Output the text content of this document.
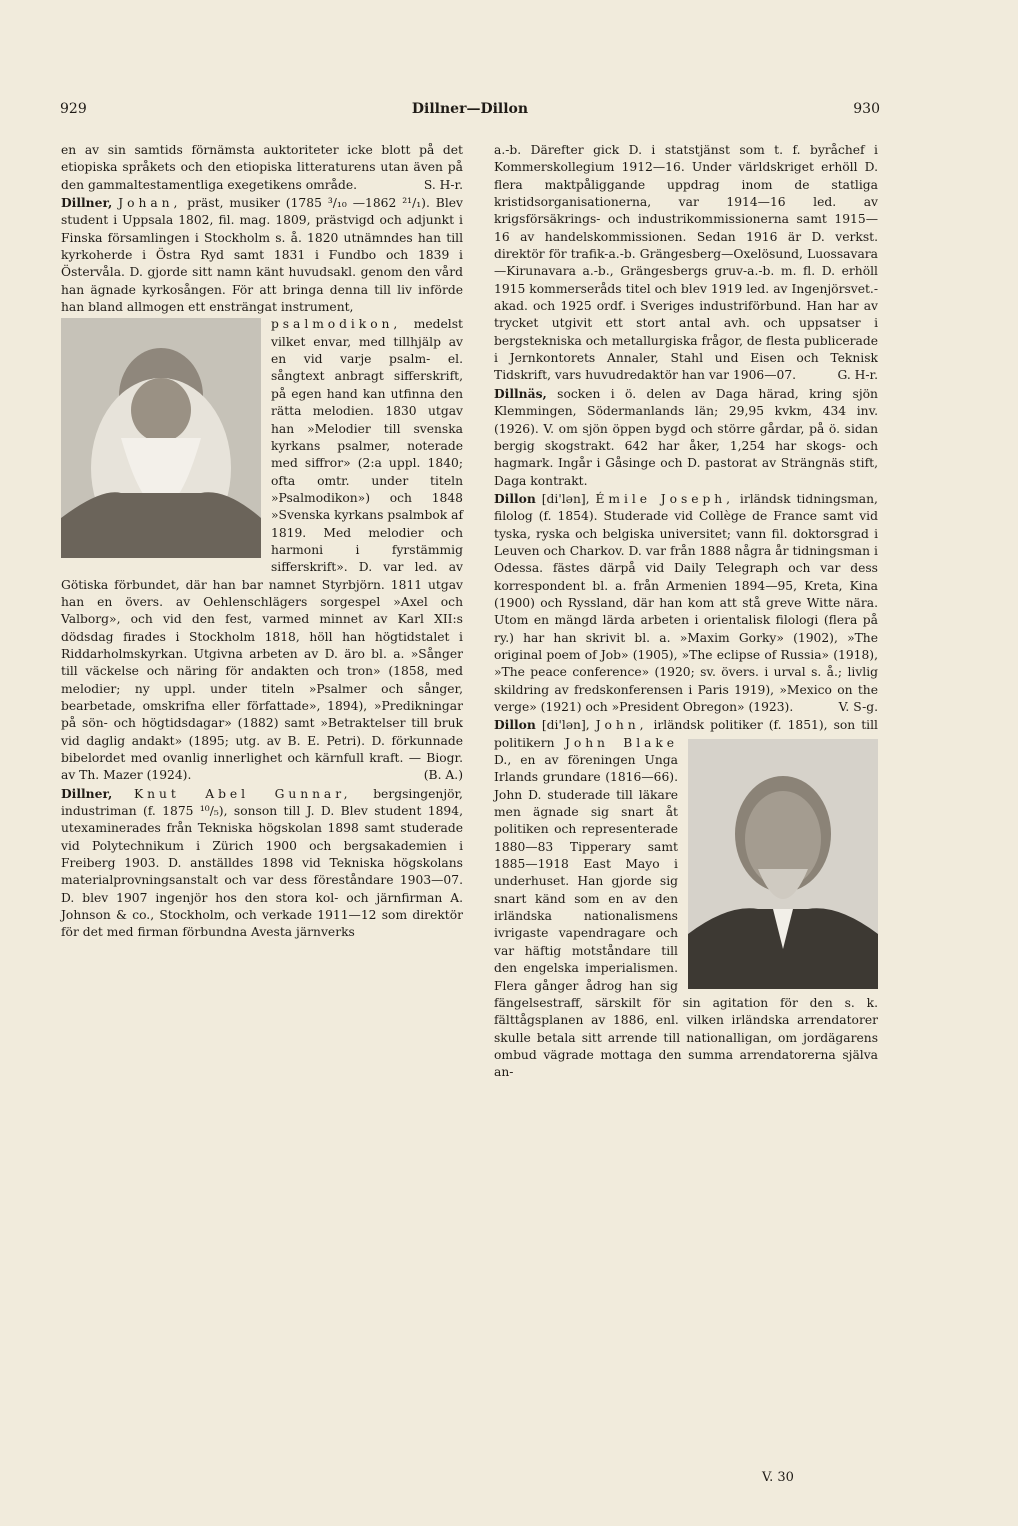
929	Dillner—Dillon	930

en av sin samtids förnämsta auktoriteter icke blott på det etiopiska språkets och den etiopiska litteraturens utan även på den gammaltestamentliga exegetikens område.	S. H-r.

Dillner, Johan, präst, musiker (1785 ³/₁₀ —1862 ²¹/₁). Blev student i Uppsala 1802, fil. mag. 1809, prästvigd och adjunkt i Finska församlingen i Stockholm s. å. 1820 utnämndes han till kyrkoherde i Östra Ryd samt 1831 i Fundbo och 1839 i Östervåla. D. gjorde sitt namn känt huvudsakl. genom den vård han ägnade kyrkosången. För att bringa denna till liv införde han bland allmogen ett ensträngat instrument,

psalmodikon, medelst vilket envar, med tillhjälp av en vid varje psalm- el. sångtext anbragt sifferskrift, på egen hand kan utfinna den rätta melodien. 1830 utgav han »Melodier till svenska kyrkans psalmer, noterade med siffror» (2:a uppl. 1840; ofta omtr. under titeln »Psalmodikon») och 1848 »Svenska kyrkans psalmbok af 1819. Med melodier och harmoni i fyrstämmig sifferskrift». D. var led. av Götiska förbundet, där han bar namnet Styrbjörn. 1811 utgav han en övers. av Oehlenschlägers sorgespel »Axel och Valborg», och vid den fest, varmed minnet av Karl XII:s dödsdag firades i Stockholm 1818, höll han högtidstalet i Riddarholmskyrkan. Utgivna arbeten av D. äro bl. a. »Sånger till väckelse och näring för andakten och tron» (1858, med melodier; ny uppl. under titeln »Psalmer och sånger, bearbetade, omskrifna eller författade», 1894), »Predikningar på sön- och högtidsdagar» (1882) samt »Betraktelser till bruk vid daglig andakt» (1895; utg. av B. E. Petri). D. förkunnade bibelordet med ovanlig innerlighet och kärnfull kraft. — Biogr. av Th. Mazer (1924).	(B. A.)

Dillner, Knut Abel Gunnar, bergsingenjör, industriman (f. 1875 ¹⁰/₅), sonson till J. D. Blev student 1894, utexaminerades från Tekniska högskolan 1898 samt studerade vid Polytechnikum i Zürich 1900 och bergsakademien i Freiberg 1903. D. anställdes 1898 vid Tekniska högskolans materialprovningsanstalt och var dess föreståndare 1903—07. D. blev 1907 ingenjör hos den stora kol- och järnfirman A. Johnson & co., Stockholm, och verkade 1911—12 som direktör för det med firman förbundna Avesta järnverks

a.-b. Därefter gick D. i statstjänst som t. f. byråchef i Kommerskollegium 1912—16. Under världskriget erhöll D. flera maktpåliggande uppdrag inom de statliga kristidsorganisationerna, var 1914—16 led. av krigsförsäkrings- och industrikommissionerna samt 1915—16 av handelskommissionen. Sedan 1916 är D. verkst. direktör för trafik-a.-b. Grängesberg—Oxelösund, Luossavara—Kirunavara a.-b., Grängesbergs gruv-a.-b. m. fl. D. erhöll 1915 kommerseråds titel och blev 1919 led. av Ingenjörsvet.-akad. och 1925 ordf. i Sveriges industriförbund. Han har av trycket utgivit ett stort antal avh. och uppsatser i bergstekniska och metallurgiska frågor, de flesta publicerade i Jernkontorets Annaler, Stahl und Eisen och Teknisk Tidskrift, vars huvudredaktör han var 1906—07.	G. H-r.

Dillnäs, socken i ö. delen av Daga härad, kring sjön Klemmingen, Södermanlands län; 29,95 kvkm, 434 inv. (1926). V. om sjön öppen bygd och större gårdar, på ö. sidan bergig skogstrakt. 642 har åker, 1,254 har skogs- och hagmark. Ingår i Gåsinge och D. pastorat av Strängnäs stift, Daga kontrakt.

Dillon [di'lən], Émile Joseph, irländsk tidningsman, filolog (f. 1854). Studerade vid Collège de France samt vid tyska, ryska och belgiska universitet; vann fil. doktorsgrad i Leuven och Charkov. D. var från 1888 några år tidningsman i Odessa. fästes därpå vid Daily Telegraph och var dess korrespondent bl. a. från Armenien 1894—95, Kreta, Kina (1900) och Ryssland, där han kom att stå greve Witte nära. Utom en mängd lärda arbeten i orientalisk filologi (flera på ry.) har han skrivit bl. a. »Maxim Gorky» (1902), »The original poem of Job» (1905), »The eclipse of Russia» (1918), »The peace conference» (1920; sv. övers. i urval s. å.; livlig skildring av fredskonferensen i Paris 1919), »Mexico on the verge» (1921) och »President Obregon» (1923).	V. S-g.

Dillon [di'lən], John, irländsk politiker (f. 1851), son till politikern John Blake
D., en av föreningen Unga Irlands grundare (1816—66). John D. studerade till läkare men ägnade sig snart åt politiken och representerade 1880—83 Tipperary samt 1885—1918 East Mayo i underhuset. Han gjorde sig snart känd som en av den irländska nationalismens ivrigaste vapendragare och var häftig motståndare till den engelska imperialismen. Flera gånger ådrog han sig fängelsestraff, särskilt för sin agitation för den s. k. fälttågsplanen av 1886, enl. vilken irländska arrendatorer skulle betala sitt arrende till nationalligan, om jordägarens ombud vägrade mottaga den summa arrendatorerna själva an-

V. 30
